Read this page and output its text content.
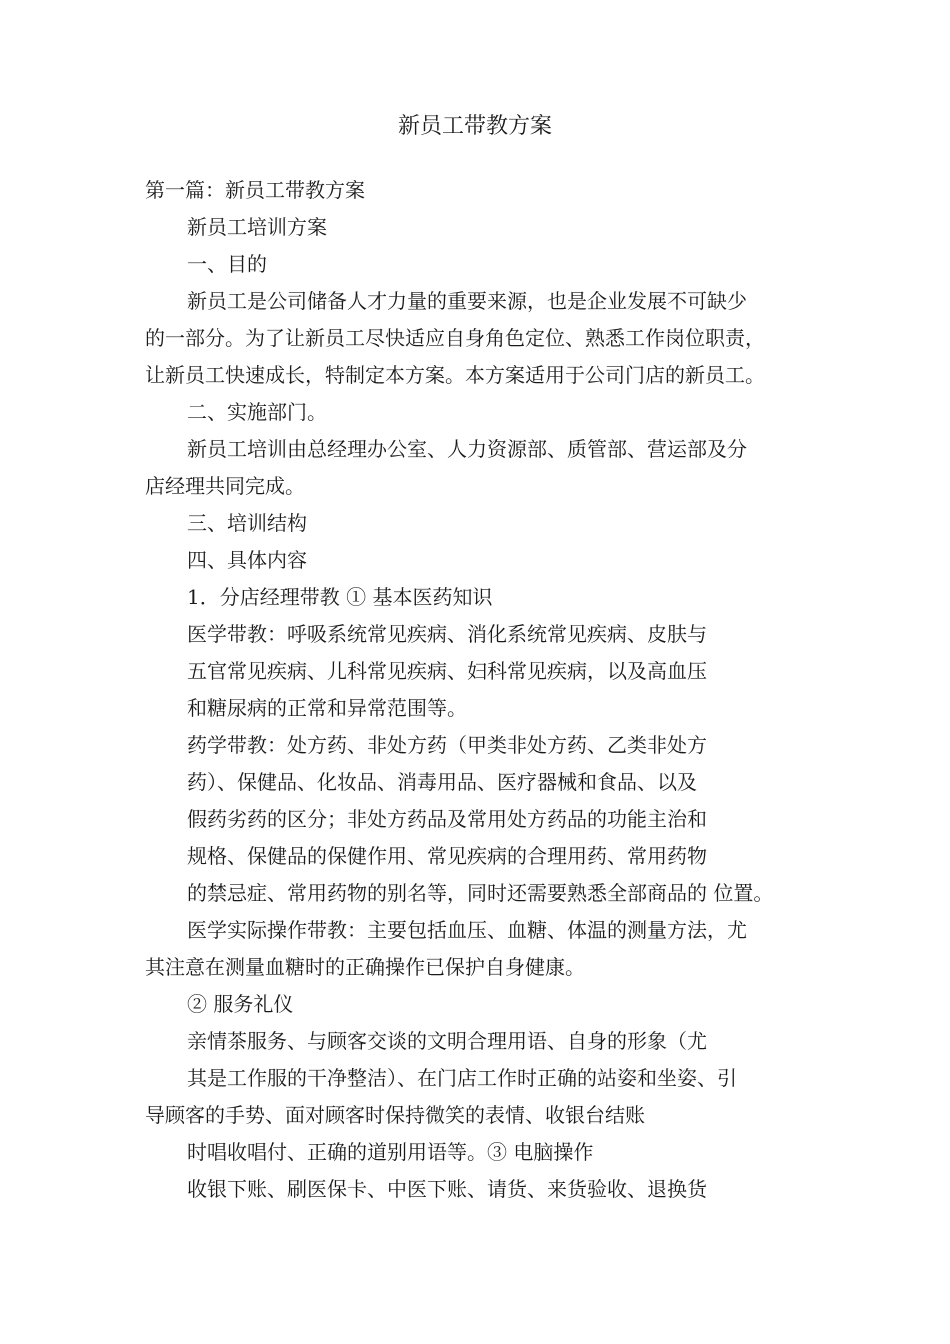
新员工带教方案
第一篇：新员工带教方案
新员工培训方案
一、目的
新员工是公司储备人才力量的重要来源，也是企业发展不可缺少
的一部分。为了让新员工尽快适应自身角色定位、熟悉工作岗位职责，
让新员工快速成长，特制定本方案。本方案适用于公司门店的新员工。
二、实施部门。
新员工培训由总经理办公室、人力资源部、质管部、营运部及分
店经理共同完成。
三、培训结构
四、具体内容
1．分店经理带教 ① 基本医药知识
医学带教：呼吸系统常见疾病、消化系统常见疾病、皮肤与
五官常见疾病、儿科常见疾病、妇科常见疾病，以及高血压
和糖尿病的正常和异常范围等。
药学带教：处方药、非处方药（甲类非处方药、乙类非处方
药）、保健品、化妆品、消毒用品、医疗器械和食品、以及
假药劣药的区分；非处方药品及常用处方药品的功能主治和
规格、保健品的保健作用、常见疾病的合理用药、常用药物
的禁忌症、常用药物的别名等，同时还需要熟悉全部商品的 位置。
医学实际操作带教：主要包括血压、血糖、体温的测量方法，尤
其注意在测量血糖时的正确操作已保护自身健康。
② 服务礼仪
亲情茶服务、与顾客交谈的文明合理用语、自身的形象（尤
其是工作服的干净整洁）、在门店工作时正确的站姿和坐姿、引
导顾客的手势、面对顾客时保持微笑的表情、收银台结账
时唱收唱付、正确的道别用语等。③ 电脑操作
收银下账、刷医保卡、中医下账、请货、来货验收、退换货
